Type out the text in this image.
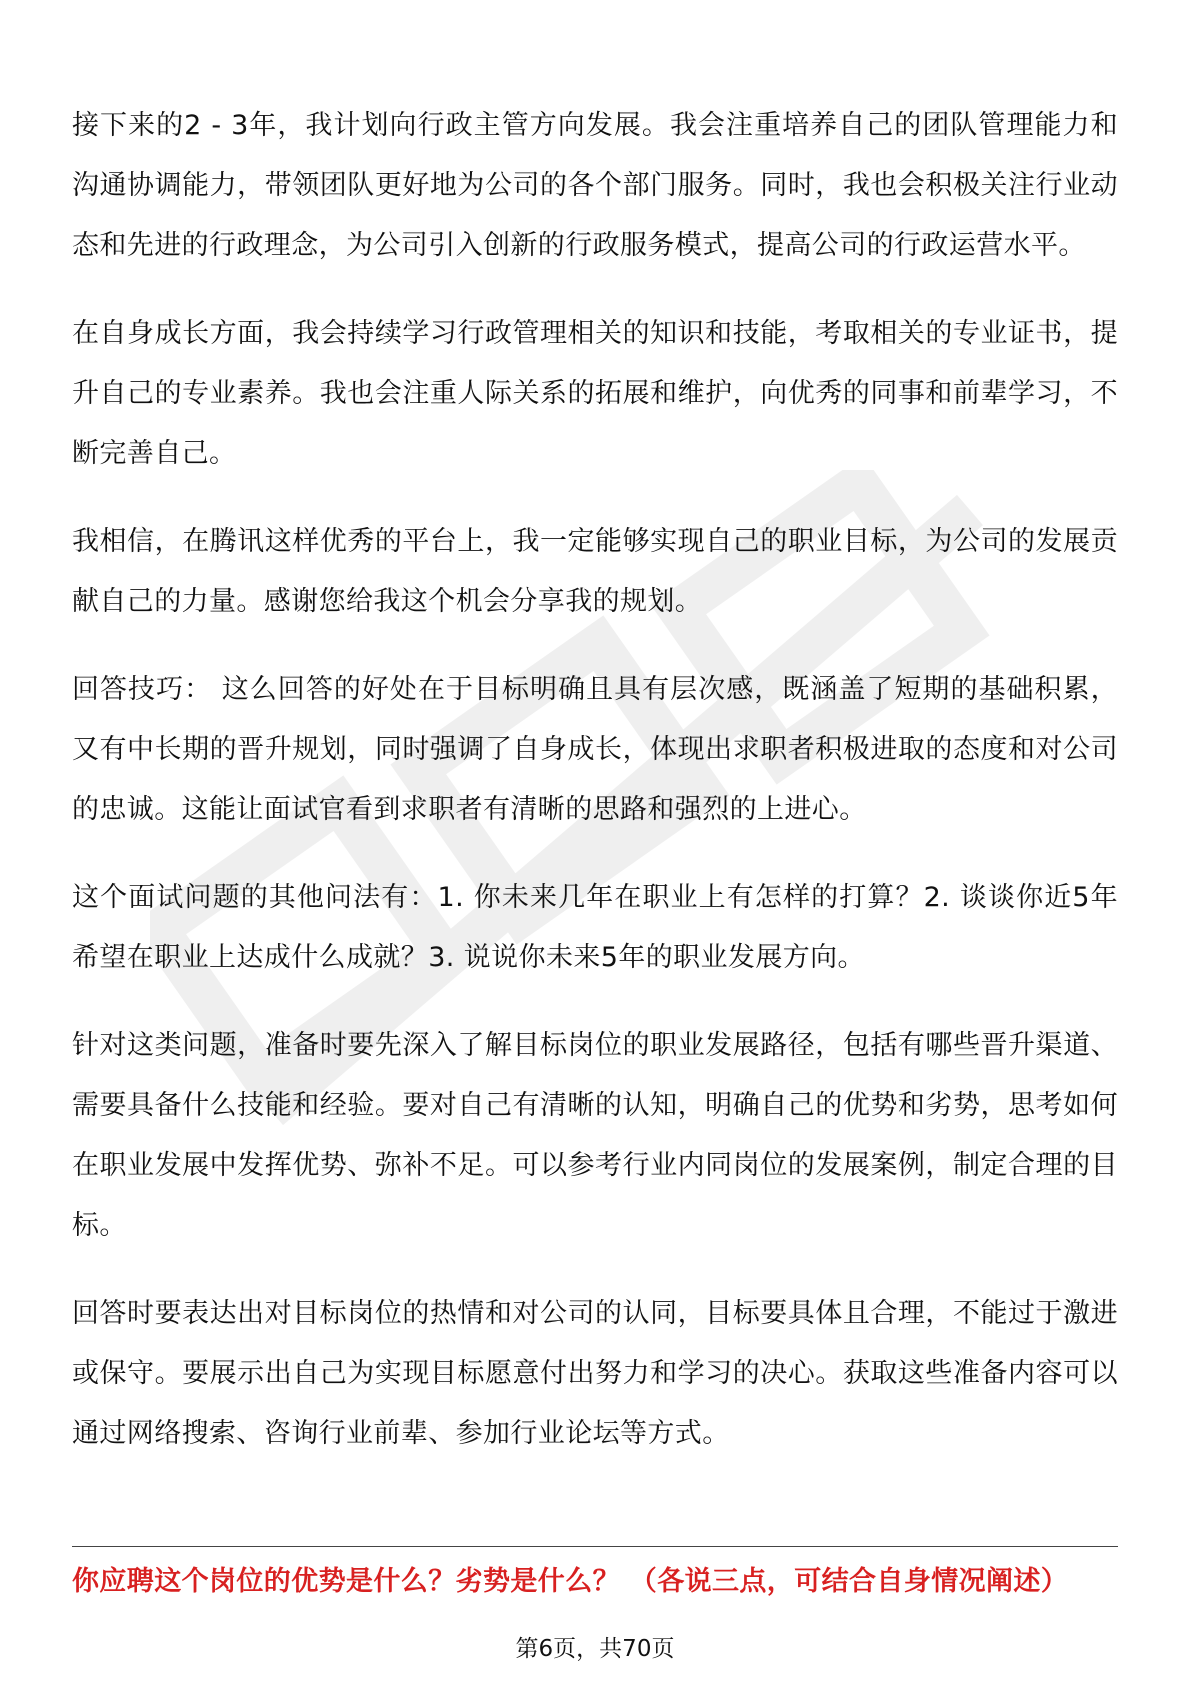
接下来的2 - 3年，我计划向行政主管方向发展。我会注重培养自己的团队管理能力和沟通协调能力，带领团队更好地为公司的各个部门服务。同时，我也会积极关注行业动态和先进的行政理念，为公司引入创新的行政服务模式，提高公司的行政运营水平。

在自身成长方面，我会持续学习行政管理相关的知识和技能，考取相关的专业证书，提升自己的专业素养。我也会注重人际关系的拓展和维护，向优秀的同事和前辈学习，不断完善自己。

我相信，在腾讯这样优秀的平台上，我一定能够实现自己的职业目标，为公司的发展贡献自己的力量。感谢您给我这个机会分享我的规划。

回答技巧： 这么回答的好处在于目标明确且具有层次感，既涵盖了短期的基础积累，又有中长期的晋升规划，同时强调了自身成长，体现出求职者积极进取的态度和对公司的忠诚。这能让面试官看到求职者有清晰的思路和强烈的上进心。

这个面试问题的其他问法有：1. 你未来几年在职业上有怎样的打算？2. 谈谈你近5年希望在职业上达成什么成就？3. 说说你未来5年的职业发展方向。

针对这类问题，准备时要先深入了解目标岗位的职业发展路径，包括有哪些晋升渠道、需要具备什么技能和经验。要对自己有清晰的认知，明确自己的优势和劣势，思考如何在职业发展中发挥优势、弥补不足。可以参考行业内同岗位的发展案例，制定合理的目标。

回答时要表达出对目标岗位的热情和对公司的认同，目标要具体且合理，不能过于激进或保守。要展示出自己为实现目标愿意付出努力和学习的决心。获取这些准备内容可以通过网络搜索、咨询行业前辈、参加行业论坛等方式。

你应聘这个岗位的优势是什么？劣势是什么？ （各说三点，可结合自身情况阐述）
第6页，共70页
